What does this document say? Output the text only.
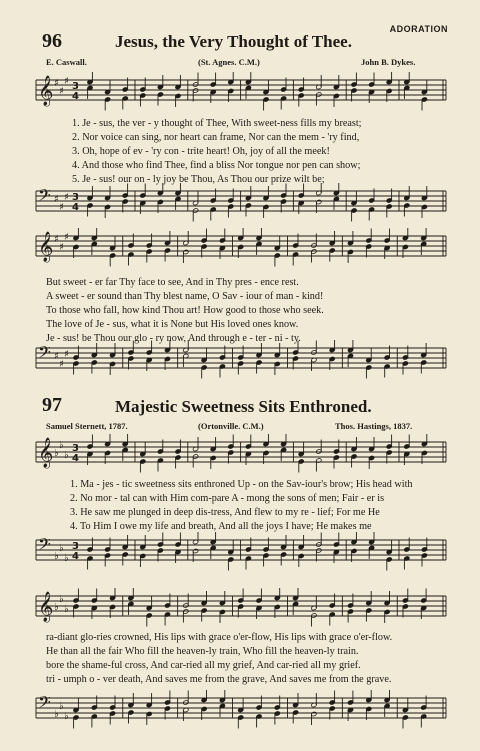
ADORATION
96	Jesus, the Very Thought of Thee.
E. Caswall.	(St. Agnes. C.M.)	John B. Dykes.
𝄞 ♯
♯
♯ 3
4
1. Je - sus, the ver - y thought of Thee, With sweet-ness fills my breast;
2. Nor voice can sing, nor heart can frame, Nor can the mem - 'ry find,
3. Oh, hope of ev - 'ry con - trite heart! Oh, joy of all the meek!
4. And those who find Thee, find a bliss Nor tongue nor pen can show;
5. Je - sus! our on - ly joy be Thou, As Thou our prize wilt be;
𝄢 ♯
♯
♯ 3
4
𝄞 ♯
♯
♯
But sweet - er far Thy face to see, And in Thy pres - ence rest.
A sweet - er sound than Thy blest name, O Sav - iour of man - kind!
To those who fall, how kind Thou art! How good to those who seek.
The love of Je - sus, what it is None but His loved ones know.
Je - sus! be Thou our glo - ry now, And through e - ter - ni - ty.
𝄢 ♯
♯
♯
97	Majestic Sweetness Sits Enthroned.
Samuel Sternett, 1787.	(Ortonville. C.M.)	Thos. Hastings, 1837.
𝄞 ♭
♭
♭
3
4
1. Ma - jes - tic sweetness sits enthroned Up - on the Sav-iour's brow; His head with
2. No mor - tal can with Him com-pare A - mong the sons of men; Fair - er is
3. He saw me plunged in deep dis-tress, And flew to my re - lief; For me He
4. To Him I owe my life and breath, And all the joys I have; He makes me
𝄢 ♭
♭
♭
3
4
𝄞 ♭
♭
♭
ra-diant glo-ries crowned, His lips with grace o'er-flow, His lips with grace o'er-flow.
He than all the fair Who fill the heaven-ly train, Who fill the heaven-ly train.
bore the shame-ful cross, And car-ried all my grief, And car-ried all my grief.
tri - umph o - ver death, And saves me from the grave, And saves me from the grave.
𝄢 ♭
♭
♭
